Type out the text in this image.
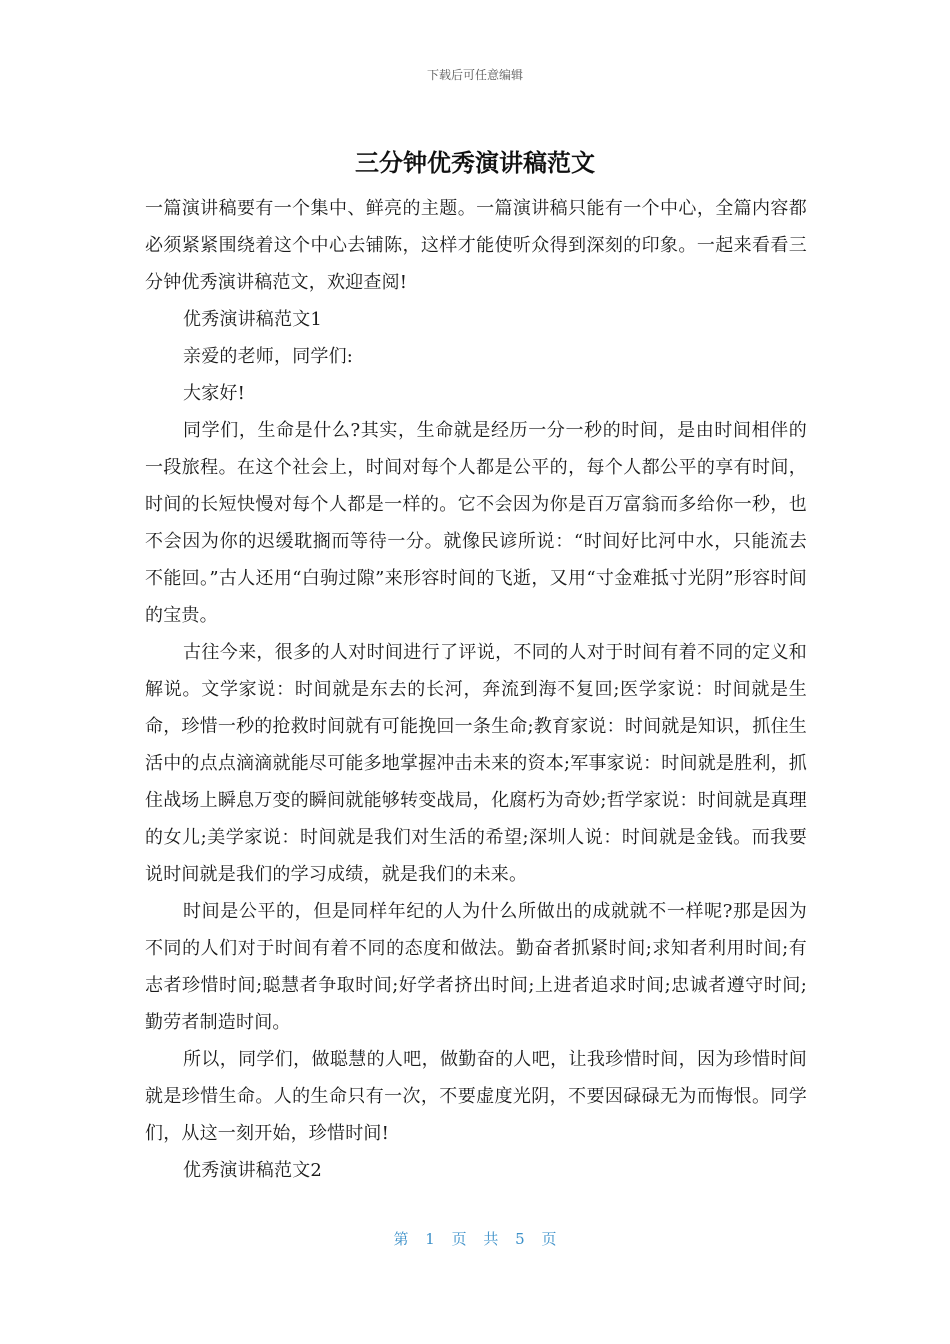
下载后可任意编辑
三分钟优秀演讲稿范文

一篇演讲稿要有一个集中、鲜亮的主题。一篇演讲稿只能有一个中心，全篇内容都必须紧紧围绕着这个中心去铺陈，这样才能使听众得到深刻的印象。一起来看看三分钟优秀演讲稿范文，欢迎查阅!

优秀演讲稿范文1

亲爱的老师，同学们:

大家好!

同学们，生命是什么?其实，生命就是经历一分一秒的时间，是由时间相伴的一段旅程。在这个社会上，时间对每个人都是公平的，每个人都公平的享有时间，时间的长短快慢对每个人都是一样的。它不会因为你是百万富翁而多给你一秒，也不会因为你的迟缓耽搁而等待一分。就像民谚所说：“时间好比河中水，只能流去不能回。”古人还用“白驹过隙”来形容时间的飞逝，又用“寸金难抵寸光阴”形容时间的宝贵。

古往今来，很多的人对时间进行了评说，不同的人对于时间有着不同的定义和解说。文学家说：时间就是东去的长河，奔流到海不复回;医学家说：时间就是生命，珍惜一秒的抢救时间就有可能挽回一条生命;教育家说：时间就是知识，抓住生活中的点点滴滴就能尽可能多地掌握冲击未来的资本;军事家说：时间就是胜利，抓住战场上瞬息万变的瞬间就能够转变战局，化腐朽为奇妙;哲学家说：时间就是真理的女儿;美学家说：时间就是我们对生活的希望;深圳人说：时间就是金钱。而我要说时间就是我们的学习成绩，就是我们的未来。

时间是公平的，但是同样年纪的人为什么所做出的成就就不一样呢?那是因为不同的人们对于时间有着不同的态度和做法。勤奋者抓紧时间;求知者利用时间;有志者珍惜时间;聪慧者争取时间;好学者挤出时间;上进者追求时间;忠诚者遵守时间;勤劳者制造时间。

所以，同学们，做聪慧的人吧，做勤奋的人吧，让我珍惜时间，因为珍惜时间就是珍惜生命。人的生命只有一次，不要虚度光阴，不要因碌碌无为而悔恨。同学们，从这一刻开始，珍惜时间!

优秀演讲稿范文2

第 1 页 共 5 页
